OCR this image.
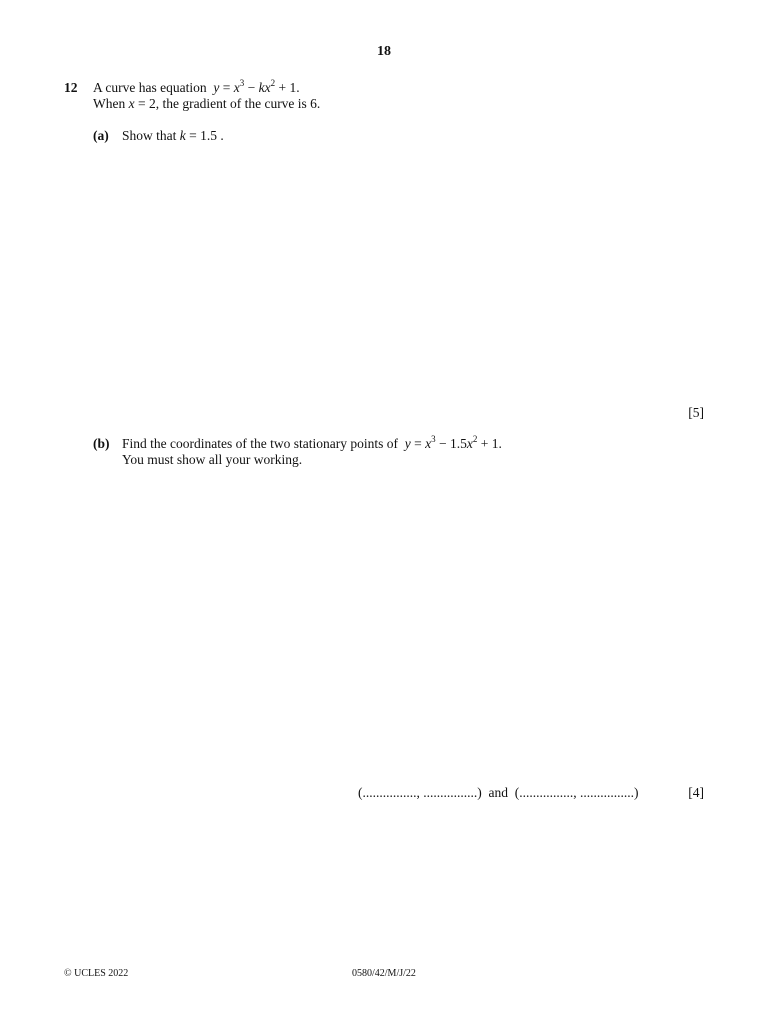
18
12 A curve has equation $y = x^3 - kx^2 + 1$.
When x = 2, the gradient of the curve is 6.
(a) Show that k = 1.5 .
[5]
(b) Find the coordinates of the two stationary points of $y = x^3 - 1.5x^2 + 1$.
You must show all your working.
(................, ................) and (................, ................)	[4]
© UCLES 2022	0580/42/M/J/22
